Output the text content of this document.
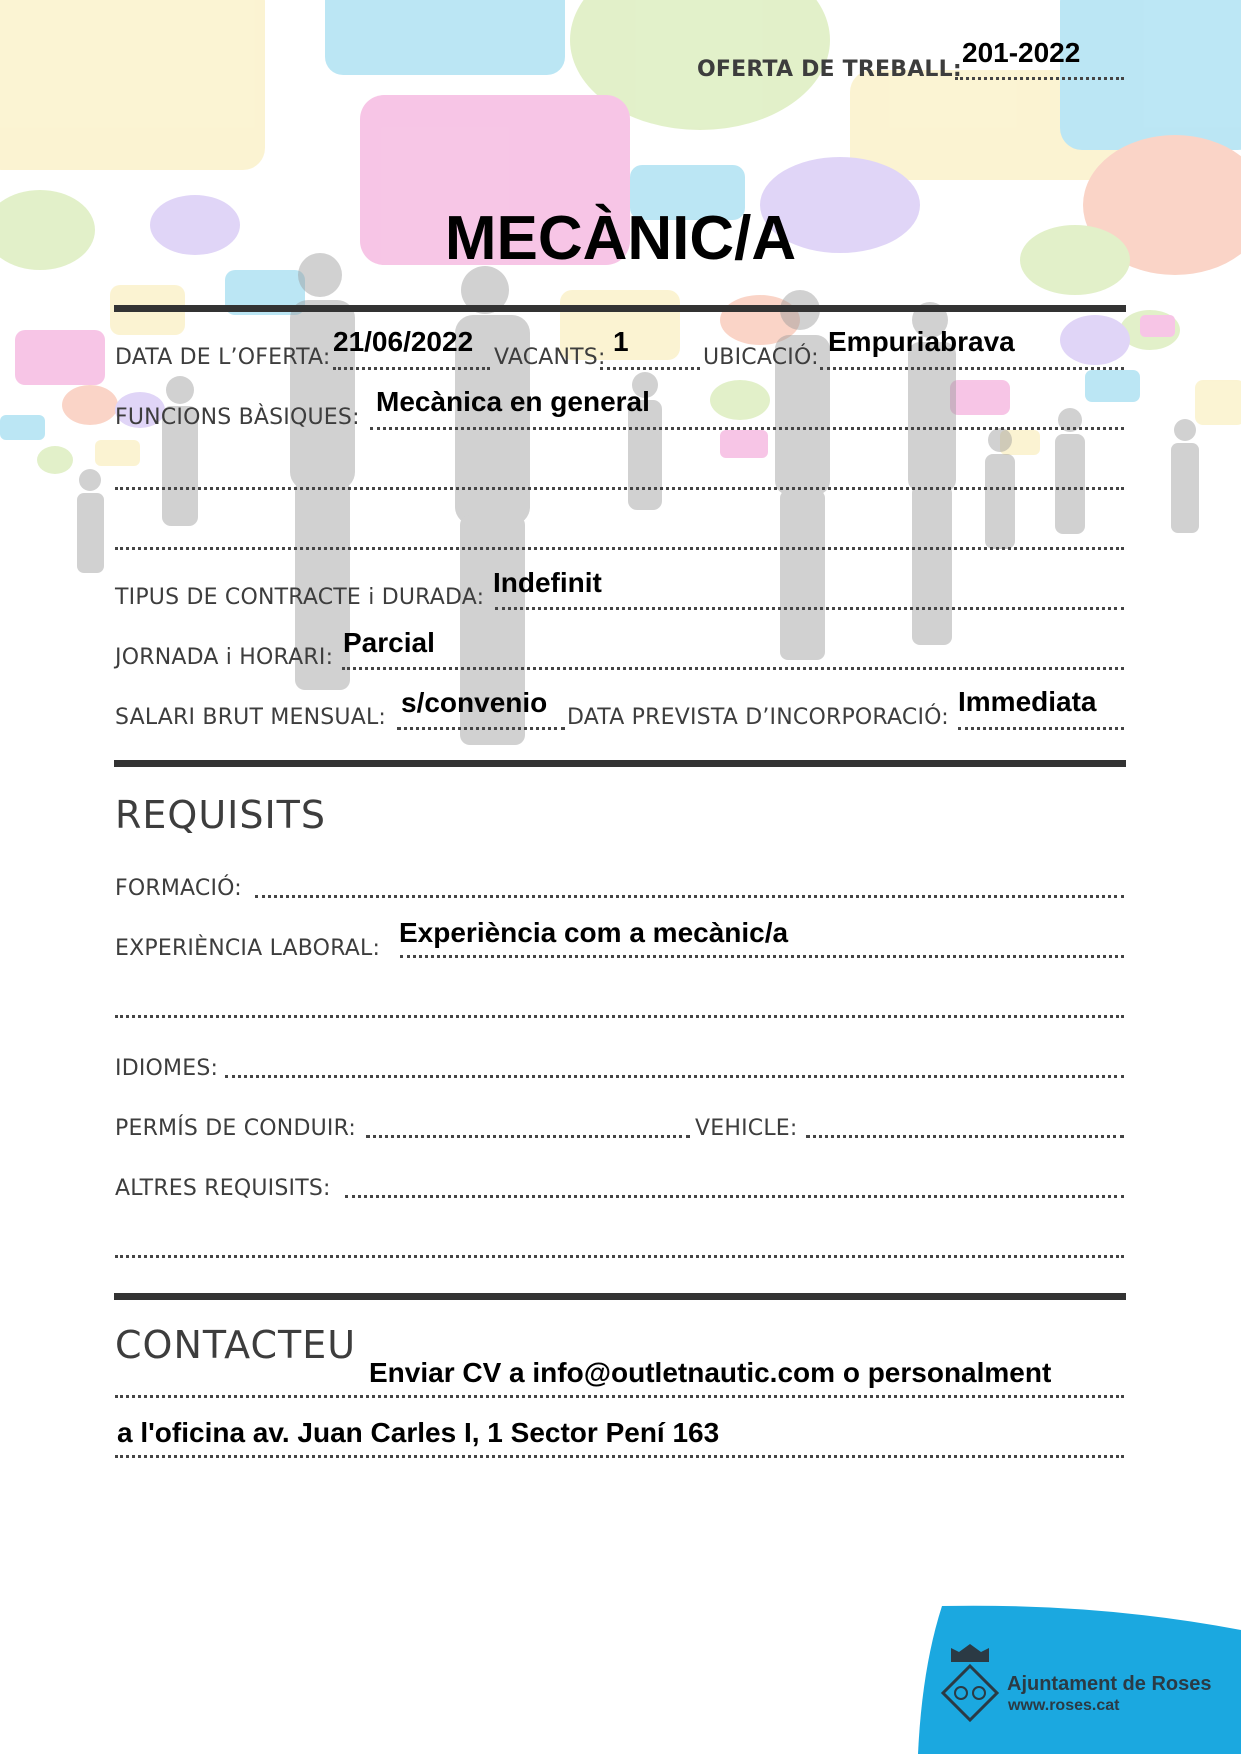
OFERTA DE TREBALL:
201-2022
MECÀNIC/A
DATA DE L’OFERTA:
21/06/2022
VACANTS:
1
UBICACIÓ:
Empuriabrava
FUNCIONS BÀSIQUES:
Mecànica en general
TIPUS DE CONTRACTE i DURADA: Indefinit
JORNADA i HORARI: Parcial
SALARI BRUT MENSUAL: s/convenio DATA PREVISTA D’INCORPORACIÓ:
Immediata
REQUISITS
FORMACIÓ:
EXPERIÈNCIA LABORAL:
Experiència com a mecànic/a
IDIOMES:
PERMÍS DE CONDUIR:	VEHICLE:
ALTRES REQUISITS:
CONTACTEU
Enviar CV a info@outletnautic.com o personalment
a l'oficina av. Juan Carles I, 1 Sector Pení 163
Ajuntament de Roses
www.roses.cat
